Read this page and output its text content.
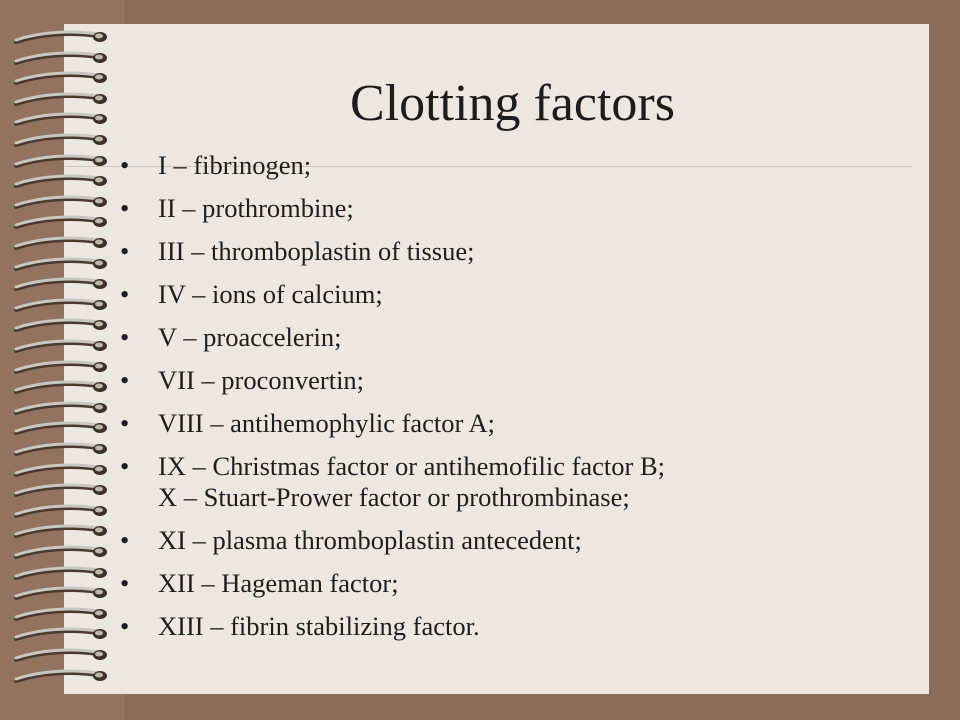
Clotting factors
• I – fibrinogen;
• II – prothrombine;
• III – thromboplastin of tissue;
• IV – ions of calcium;
• V – proaccelerin;
• VII – proconvertin;
• VIII – antihemophylic factor A;
• IX – Christmas factor or antihemofilic factor B;
X – Stuart-Prower factor or prothrombinase;
• XI – plasma thromboplastin antecedent;
• XII – Hageman factor;
• XIII – fibrin stabilizing factor.
